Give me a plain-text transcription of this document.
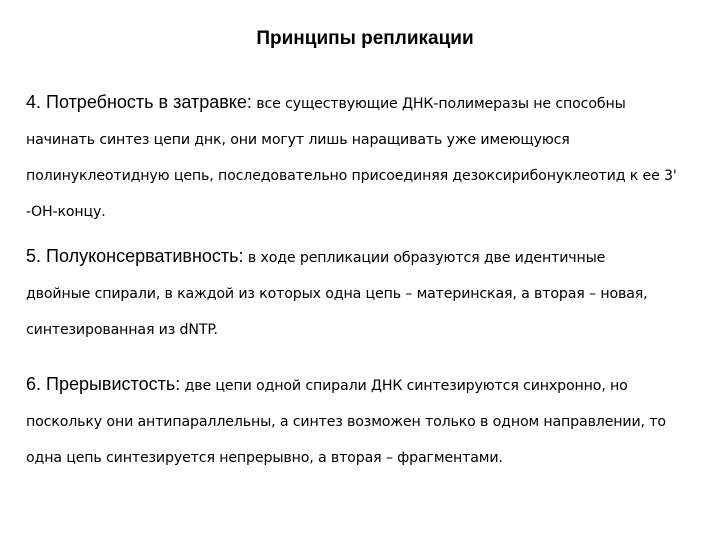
Принципы репликации

4. Потребность в затравке: все существующие ДНК-полимеразы не способны

начинать синтез цепи днк, они могут лишь наращивать уже имеющуюся

полинуклеотидную цепь, последовательно присоединяя дезоксирибонуклеотид к ее 3'

-ОН-концу.

5. Полуконсервативность: в ходе репликации образуются две идентичные

двойные спирали, в каждой из которых одна цепь – материнская, а вторая – новая,

синтезированная из dNTP.

6. Прерывистость: две цепи одной спирали ДНК синтезируются синхронно, но

поскольку они антипараллельны, а синтез возможен только в одном направлении, то

одна цепь синтезируется непрерывно, а вторая – фрагментами.
